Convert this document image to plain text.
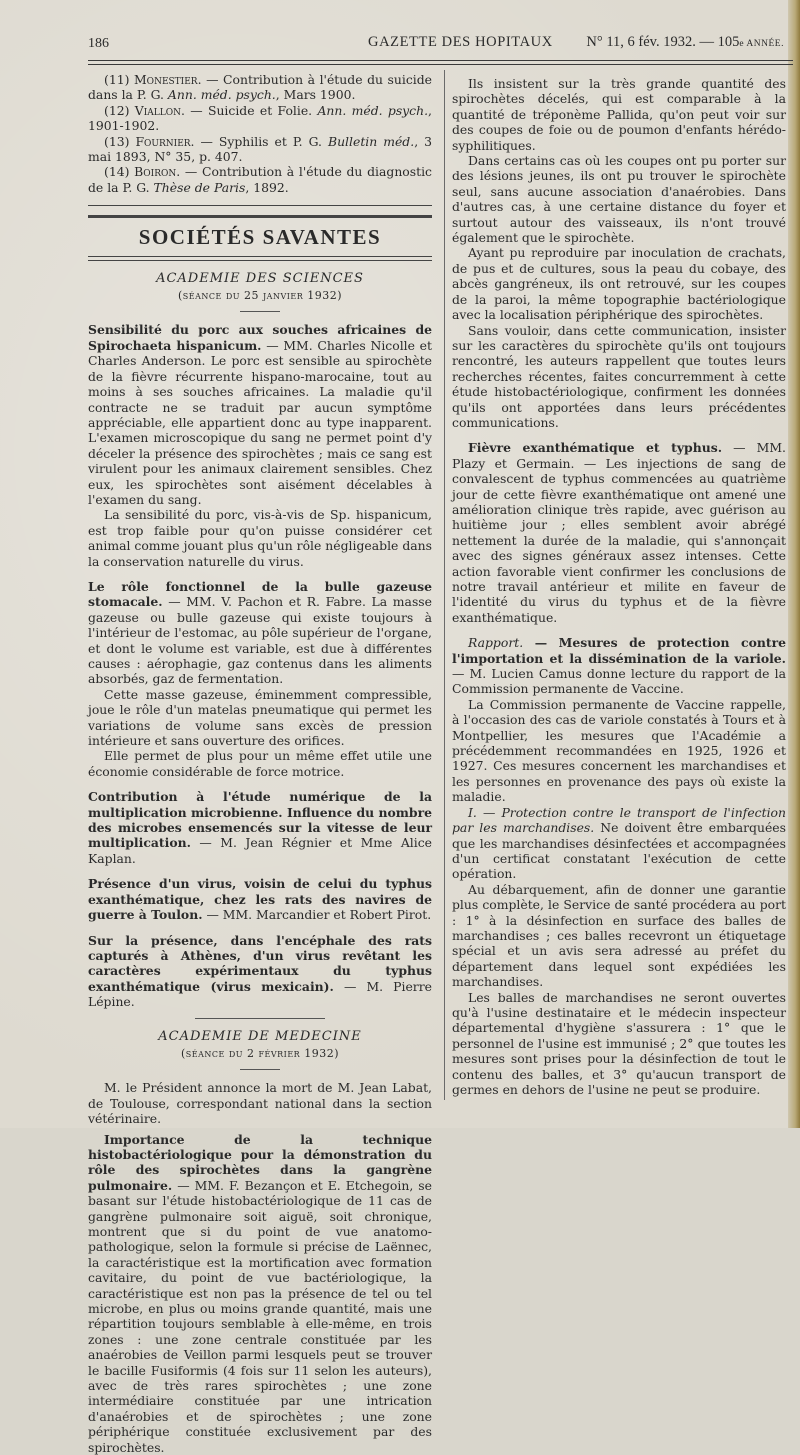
186	GAZETTE DES HOPITAUX N° 11, 6 fév. 1932. — 105e ANNÉE.

(11) Monestier. — Contribution à l'étude du suicide dans la P. G. Ann. méd. psych., Mars 1900.

(12) Viallon. — Suicide et Folie. Ann. méd. psych., 1901-1902.

(13) Fournier. — Syphilis et P. G. Bulletin méd., 3 mai 1893, N° 35, p. 407.

(14) Boiron. — Contribution à l'étude du diagnostic de la P. G. Thèse de Paris, 1892.

SOCIÉTÉS SAVANTES
ACADEMIE DES SCIENCES
(séance du 25 janvier 1932)

Sensibilité du porc aux souches africaines de Spirochaeta hispanicum. — MM. Charles Nicolle et Charles Anderson. Le porc est sensible au spirochète de la fièvre récurrente hispano-marocaine, tout au moins à ses souches africaines. La maladie qu'il contracte ne se traduit par aucun symptôme appréciable, elle appartient donc au type inapparent. L'examen microscopique du sang ne permet point d'y déceler la présence des spirochètes ; mais ce sang est virulent pour les animaux clairement sensibles. Chez eux, les spirochètes sont aisément décelables à l'examen du sang.

La sensibilité du porc, vis-à-vis de Sp. hispanicum, est trop faible pour qu'on puisse considérer cet animal comme jouant plus qu'un rôle négligeable dans la conservation naturelle du virus.

Le rôle fonctionnel de la bulle gazeuse stomacale. — MM. V. Pachon et R. Fabre. La masse gazeuse ou bulle gazeuse qui existe toujours à l'intérieur de l'estomac, au pôle supérieur de l'organe, et dont le volume est variable, est due à différentes causes : aérophagie, gaz contenus dans les aliments absorbés, gaz de fermentation.

Cette masse gazeuse, éminemment compressible, joue le rôle d'un matelas pneumatique qui permet les variations de volume sans excès de pression intérieure et sans ouverture des orifices.

Elle permet de plus pour un même effet utile une économie considérable de force motrice.

Contribution à l'étude numérique de la multiplication microbienne. Influence du nombre des microbes ensemencés sur la vitesse de leur multiplication. — M. Jean Régnier et Mme Alice Kaplan.

Présence d'un virus, voisin de celui du typhus exanthématique, chez les rats des navires de guerre à Toulon. — MM. Marcandier et Robert Pirot.

Sur la présence, dans l'encéphale des rats capturés à Athènes, d'un virus revêtant les caractères expérimentaux du typhus exanthématique (virus mexicain). — M. Pierre Lépine.

ACADEMIE DE MEDECINE
(séance du 2 février 1932)

M. le Président annonce la mort de M. Jean Labat, de Toulouse, correspondant national dans la section vétérinaire.

Importance de la technique histobactériologique pour la démonstration du rôle des spirochètes dans la gangrène pulmonaire. — MM. F. Bezançon et E. Etchegoin, se basant sur l'étude histobactériologique de 11 cas de gangrène pulmonaire soit aiguë, soit chronique, montrent que si du point de vue anatomo-pathologique, selon la formule si précise de Laënnec, la caractéristique est la mortification avec formation cavitaire, du point de vue bactériologique, la caractéristique est non pas la présence de tel ou tel microbe, en plus ou moins grande quantité, mais une répartition toujours semblable à elle-même, en trois zones : une zone centrale constituée par les anaérobies de Veillon parmi lesquels peut se trouver le bacille Fusiformis (4 fois sur 11 selon les auteurs), avec de très rares spirochètes ; une zone intermédiaire constituée par une intrication d'anaérobies et de spirochètes ; une zone périphérique constituée exclusivement par des spirochètes.

Ils insistent sur la très grande quantité des spirochètes décelés, qui est comparable à la quantité de tréponème Pallida, qu'on peut voir sur des coupes de foie ou de poumon d'enfants hérédo-syphilitiques.

Dans certains cas où les coupes ont pu porter sur des lésions jeunes, ils ont pu trouver le spirochète seul, sans aucune association d'anaérobies. Dans d'autres cas, à une certaine distance du foyer et surtout autour des vaisseaux, ils n'ont trouvé également que le spirochète.

Ayant pu reproduire par inoculation de crachats, de pus et de cultures, sous la peau du cobaye, des abcès gangréneux, ils ont retrouvé, sur les coupes de la paroi, la même topographie bactériologique avec la localisation périphérique des spirochètes.

Sans vouloir, dans cette communication, insister sur les caractères du spirochète qu'ils ont toujours rencontré, les auteurs rappellent que toutes leurs recherches récentes, faites concurremment à cette étude histobactériologique, confirment les données qu'ils ont apportées dans leurs précédentes communications.

Fièvre exanthématique et typhus. — MM. Plazy et Germain. — Les injections de sang de convalescent de typhus commencées au quatrième jour de cette fièvre exanthématique ont amené une amélioration clinique très rapide, avec guérison au huitième jour ; elles semblent avoir abrégé nettement la durée de la maladie, qui s'annonçait avec des signes généraux assez intenses. Cette action favorable vient confirmer les conclusions de notre travail antérieur et milite en faveur de l'identité du virus du typhus et de la fièvre exanthématique.

Rapport. — Mesures de protection contre l'importation et la dissémination de la variole. — M. Lucien Camus donne lecture du rapport de la Commission permanente de Vaccine.

La Commission permanente de Vaccine rappelle, à l'occasion des cas de variole constatés à Tours et à Montpellier, les mesures que l'Académie a précédemment recommandées en 1925, 1926 et 1927. Ces mesures concernent les marchandises et les personnes en provenance des pays où existe la maladie.

I. — Protection contre le transport de l'infection par les marchandises. Ne doivent être embarquées que les marchandises désinfectées et accompagnées d'un certificat constatant l'exécution de cette opération.

Au débarquement, afin de donner une garantie plus complète, le Service de santé procédera au port : 1° à la désinfection en surface des balles de marchandises ; ces balles recevront un étiquetage spécial et un avis sera adressé au préfet du département dans lequel sont expédiées les marchandises.

Les balles de marchandises ne seront ouvertes qu'à l'usine destinataire et le médecin inspecteur départemental d'hygiène s'assurera : 1° que le personnel de l'usine est immunisé ; 2° que toutes les mesures sont prises pour la désinfection de tout le contenu des balles, et 3° qu'aucun transport de germes en dehors de l'usine ne peut se produire.
